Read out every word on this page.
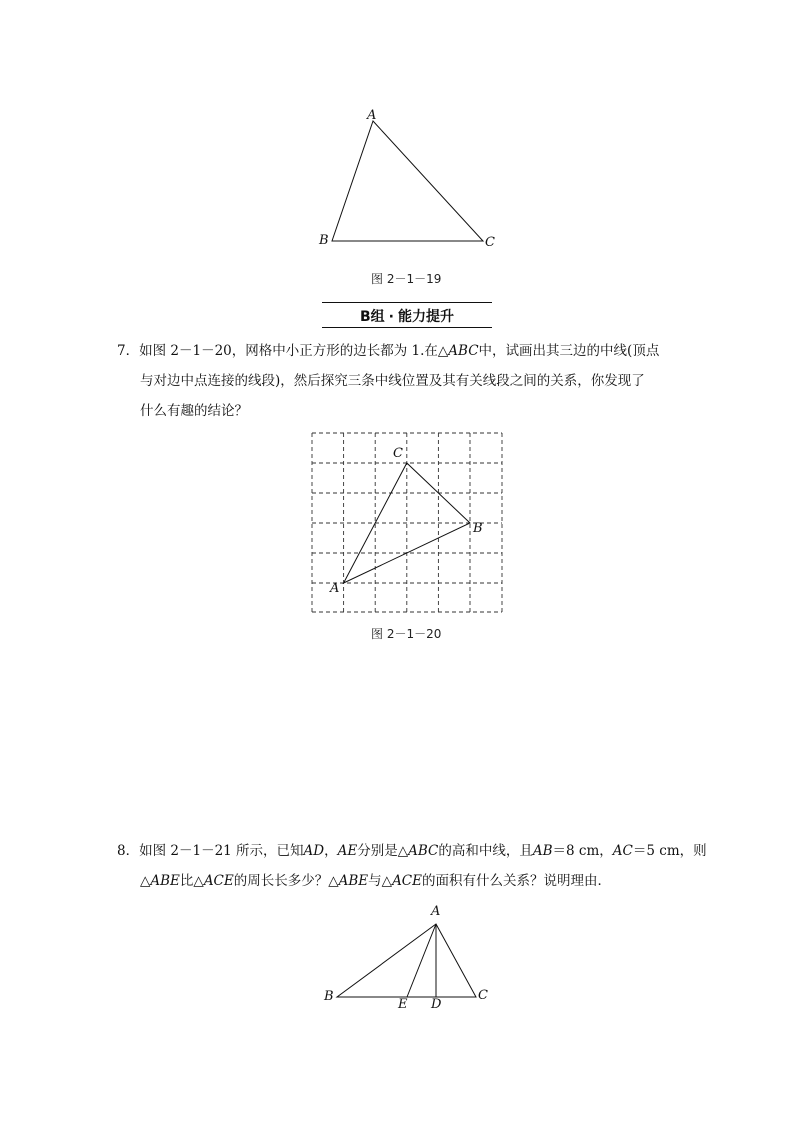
A
B	C
图 2－1－19
B组 · 能力提升
7．如图 2－1－20，网格中小正方形的边长都为 1.在△ABC中，试画出其三边的中线(顶点
与对边中点连接的线段)，然后探究三条中线位置及其有关线段之间的关系，你发现了
什么有趣的结论？
A
B
C
图 2－1－20
8．如图 2－1－21 所示，已知AD，AE分别是△ABC的高和中线，且AB＝8 cm，AC＝5 cm，则
△ABE比△ACE的周长长多少？△ABE与△ACE的面积有什么关系？说明理由．
A
B	C
D
E
